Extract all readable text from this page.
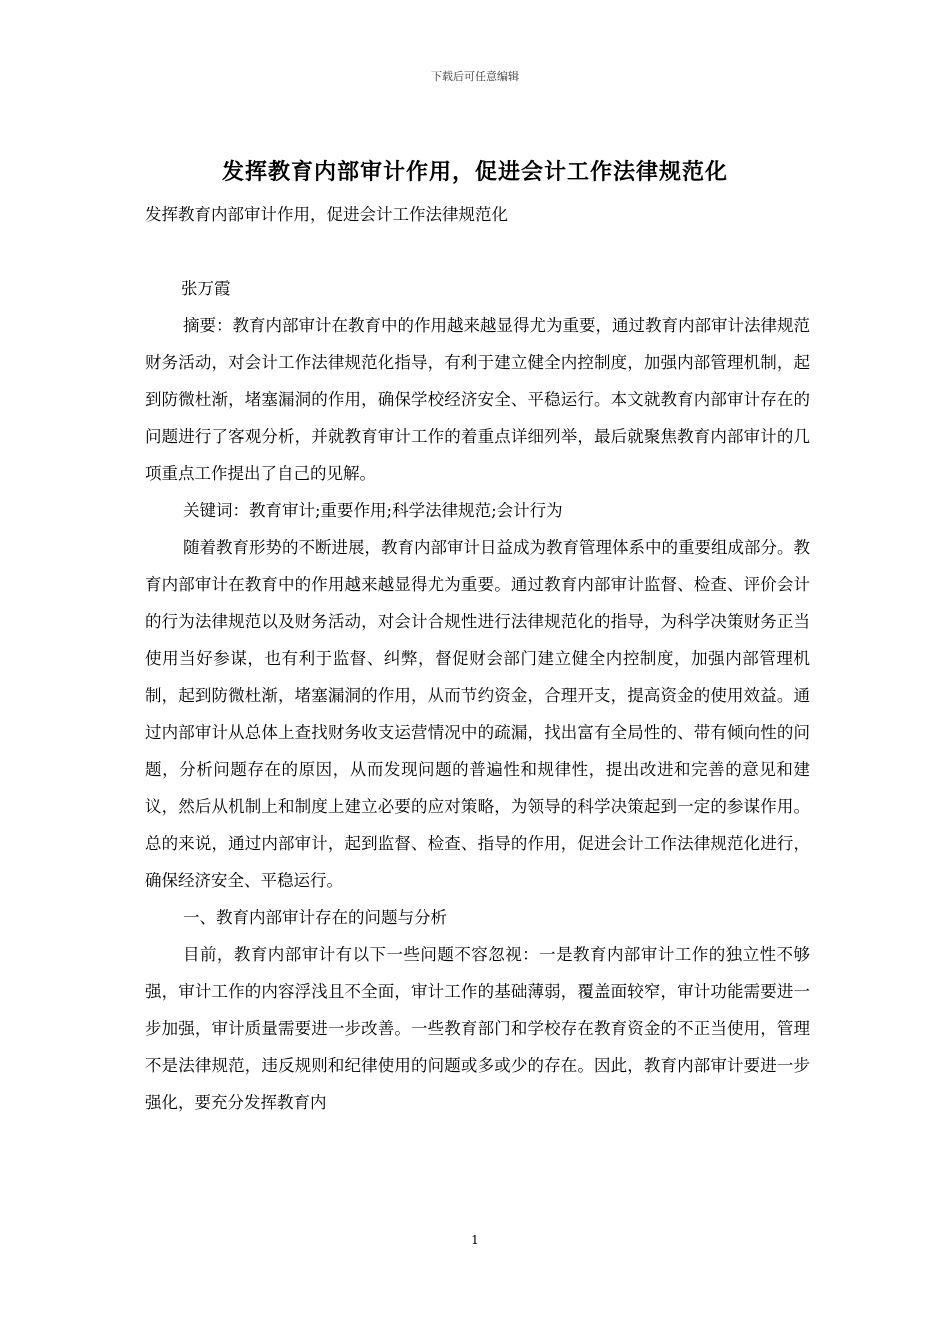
下载后可任意编辑
发挥教育内部审计作用，促进会计工作法律规范化

发挥教育内部审计作用，促进会计工作法律规范化

张万霞

摘要：教育内部审计在教育中的作用越来越显得尤为重要，通过教育内部审计法律规范财务活动，对会计工作法律规范化指导，有利于建立健全内控制度，加强内部管理机制，起到防微杜渐，堵塞漏洞的作用，确保学校经济安全、平稳运行。本文就教育内部审计存在的问题进行了客观分析，并就教育审计工作的着重点详细列举，最后就聚焦教育内部审计的几项重点工作提出了自己的见解。

关键词：教育审计;重要作用;科学法律规范;会计行为

随着教育形势的不断进展，教育内部审计日益成为教育管理体系中的重要组成部分。教育内部审计在教育中的作用越来越显得尤为重要。通过教育内部审计监督、检查、评价会计的行为法律规范以及财务活动，对会计合规性进行法律规范化的指导，为科学决策财务正当使用当好参谋，也有利于监督、纠弊，督促财会部门建立健全内控制度，加强内部管理机制，起到防微杜渐，堵塞漏洞的作用，从而节约资金，合理开支，提高资金的使用效益。通过内部审计从总体上查找财务收支运营情况中的疏漏，找出富有全局性的、带有倾向性的问题，分析问题存在的原因，从而发现问题的普遍性和规律性，提出改进和完善的意见和建议，然后从机制上和制度上建立必要的应对策略，为领导的科学决策起到一定的参谋作用。总的来说，通过内部审计，起到监督、检查、指导的作用，促进会计工作法律规范化进行，确保经济安全、平稳运行。

一、教育内部审计存在的问题与分析

目前，教育内部审计有以下一些问题不容忽视：一是教育内部审计工作的独立性不够强，审计工作的内容浮浅且不全面，审计工作的基础薄弱，覆盖面较窄，审计功能需要进一步加强，审计质量需要进一步改善。一些教育部门和学校存在教育资金的不正当使用，管理不是法律规范，违反规则和纪律使用的问题或多或少的存在。因此，教育内部审计要进一步强化，要充分发挥教育内

1
